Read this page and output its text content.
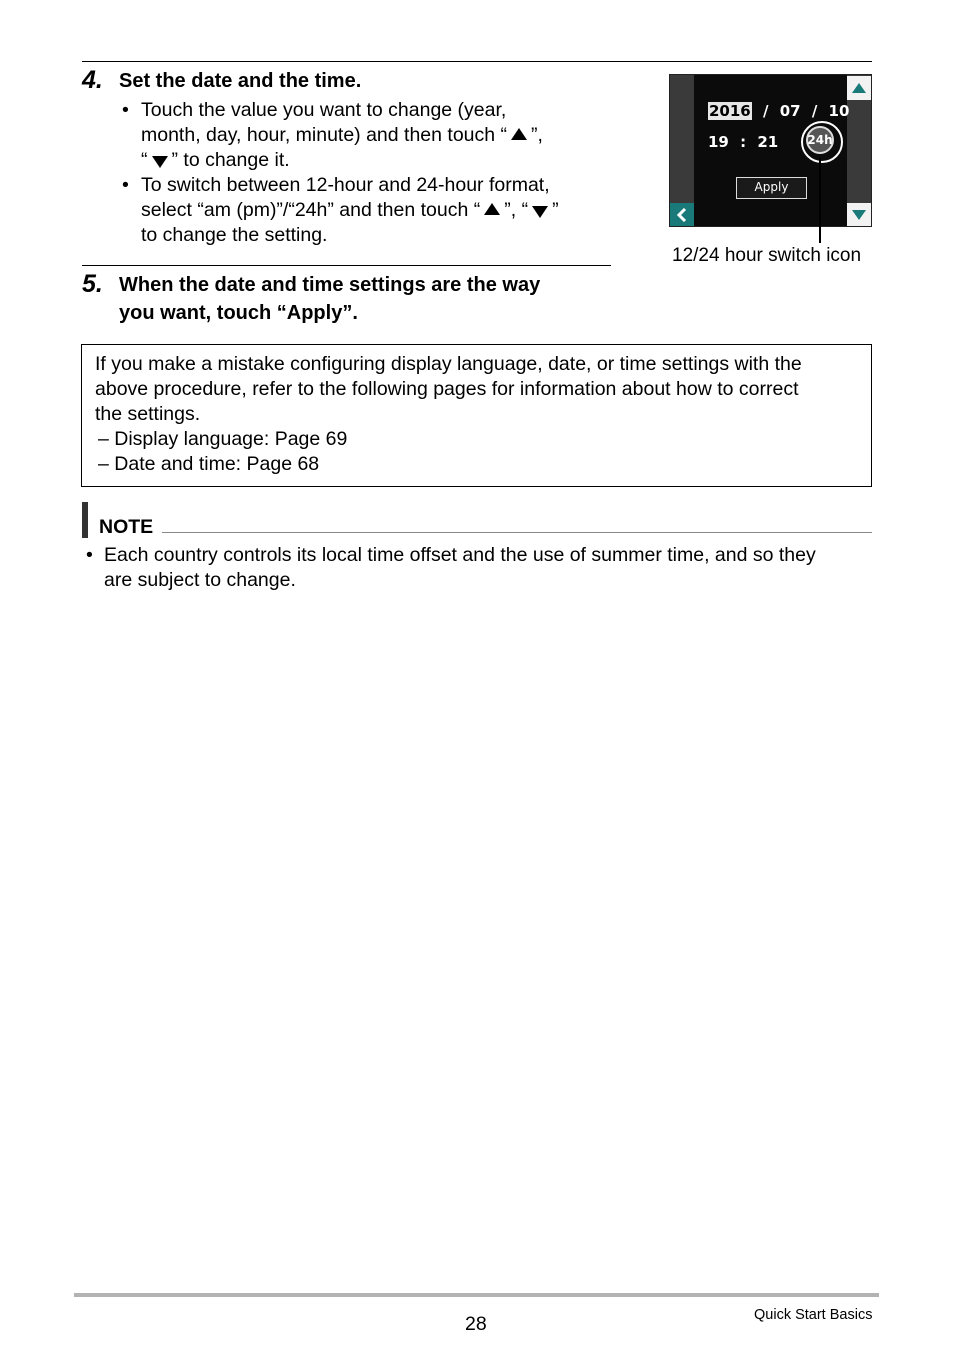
4. Set the date and the time.
• Touch the value you want to change (year,
month, day, hour, minute) and then touch “ ”,
“ ” to change it.
• To switch between 12-hour and 24-hour format,
select “am (pm)”/“24h” and then touch “ ”, “ ”
to change the setting.
2016 / 07 / 10
19 : 21 24h
Apply
12/24 hour switch icon
5. When the date and time settings are the way
you want, touch “Apply”.
If you make a mistake configuring display language, date, or time settings with the
above procedure, refer to the following pages for information about how to correct
the settings.
– Display language: Page 69
– Date and time: Page 68
NOTE
• Each country controls its local time offset and the use of summer time, and so they
are subject to change.
28	Quick Start Basics
